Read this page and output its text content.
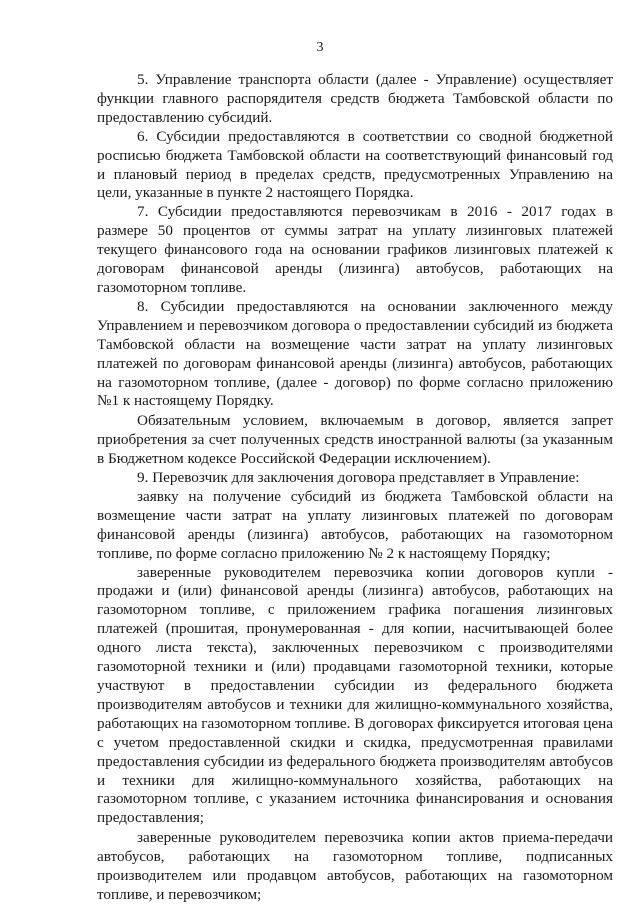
3

5. Управление транспорта области (далее - Управление) осуществляет функции главного распорядителя средств бюджета Тамбовской области по предоставлению субсидий.

6. Субсидии предоставляются в соответствии со сводной бюджетной росписью бюджета Тамбовской области на соответствующий финансовый год и плановый период в пределах средств, предусмотренных Управлению на цели, указанные в пункте 2 настоящего Порядка.

7. Субсидии предоставляются перевозчикам в 2016 - 2017 годах в размере 50 процентов от суммы затрат на уплату лизинговых платежей текущего финансового года на основании графиков лизинговых платежей к договорам финансовой аренды (лизинга) автобусов, работающих на газомоторном топливе.

8. Субсидии предоставляются на основании заключенного между Управлением и перевозчиком договора о предоставлении субсидий из бюджета Тамбовской области на возмещение части затрат на уплату лизинговых платежей по договорам финансовой аренды (лизинга) автобусов, работающих на газомоторном топливе, (далее - договор) по форме согласно приложению №1 к настоящему Порядку.

Обязательным условием, включаемым в договор, является запрет приобретения за счет полученных средств иностранной валюты (за указанным в Бюджетном кодексе Российской Федерации исключением).

9. Перевозчик для заключения договора представляет в Управление:

заявку на получение субсидий из бюджета Тамбовской области на возмещение части затрат на уплату лизинговых платежей по договорам финансовой аренды (лизинга) автобусов, работающих на газомоторном топливе, по форме согласно приложению № 2 к настоящему Порядку;

заверенные руководителем перевозчика копии договоров купли - продажи и (или) финансовой аренды (лизинга) автобусов, работающих на газомоторном топливе, с приложением графика погашения лизинговых платежей (прошитая, пронумерованная - для копии, насчитывающей более одного листа текста), заключенных перевозчиком с производителями газомоторной техники и (или) продавцами газомоторной техники, которые участвуют в предоставлении субсидии из федерального бюджета производителям автобусов и техники для жилищно-коммунального хозяйства, работающих на газомоторном топливе. В договорах фиксируется итоговая цена с учетом предоставленной скидки и скидка, предусмотренная правилами предоставления субсидии из федерального бюджета производителям автобусов и техники для жилищно-коммунального хозяйства, работающих на газомоторном топливе, с указанием источника финансирования и основания предоставления;

заверенные руководителем перевозчика копии актов приема-передачи автобусов, работающих на газомоторном топливе, подписанных производителем или продавцом автобусов, работающих на газомоторном топливе, и перевозчиком;
